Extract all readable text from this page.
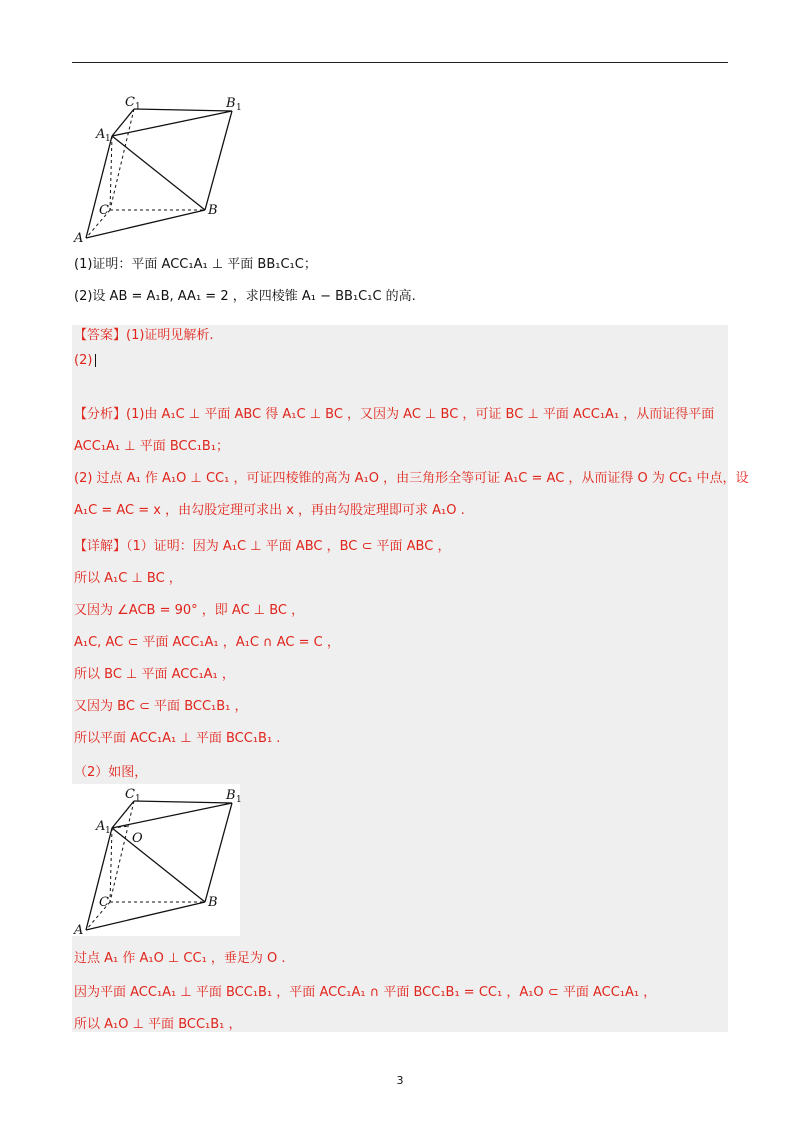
C 1	B 1
A 1
C	B
A
C 1	B 1
A 1 O
C	B
A
(1)证明：平面 ACC₁A₁ ⊥ 平面 BB₁C₁C；
(2)设 AB = A₁B, AA₁ = 2 ，求四棱锥 A₁ − BB₁C₁C 的高.
【答案】(1)证明见解析.
(2)
【分析】(1)由 A₁C ⊥ 平面 ABC 得 A₁C ⊥ BC ，又因为 AC ⊥ BC ，可证 BC ⊥ 平面 ACC₁A₁ ，从而证得平面
ACC₁A₁ ⊥ 平面 BCC₁B₁；
(2) 过点 A₁ 作 A₁O ⊥ CC₁ ，可证四棱锥的高为 A₁O ，由三角形全等可证 A₁C = AC ，从而证得 O 为 CC₁ 中点，设
A₁C = AC = x ，由勾股定理可求出 x ，再由勾股定理即可求 A₁O .
【详解】（1）证明：因为 A₁C ⊥ 平面 ABC ，BC ⊂ 平面 ABC ，
所以 A₁C ⊥ BC ，
又因为 ∠ACB = 90° ，即 AC ⊥ BC ，
A₁C, AC ⊂ 平面 ACC₁A₁ ，A₁C ∩ AC = C ，
所以 BC ⊥ 平面 ACC₁A₁ ，
又因为 BC ⊂ 平面 BCC₁B₁ ，
所以平面 ACC₁A₁ ⊥ 平面 BCC₁B₁ .
（2）如图，
过点 A₁ 作 A₁O ⊥ CC₁ ，垂足为 O .
因为平面 ACC₁A₁ ⊥ 平面 BCC₁B₁ ，平面 ACC₁A₁ ∩ 平面 BCC₁B₁ = CC₁ ，A₁O ⊂ 平面 ACC₁A₁ ，
所以 A₁O ⊥ 平面 BCC₁B₁ ，
3
